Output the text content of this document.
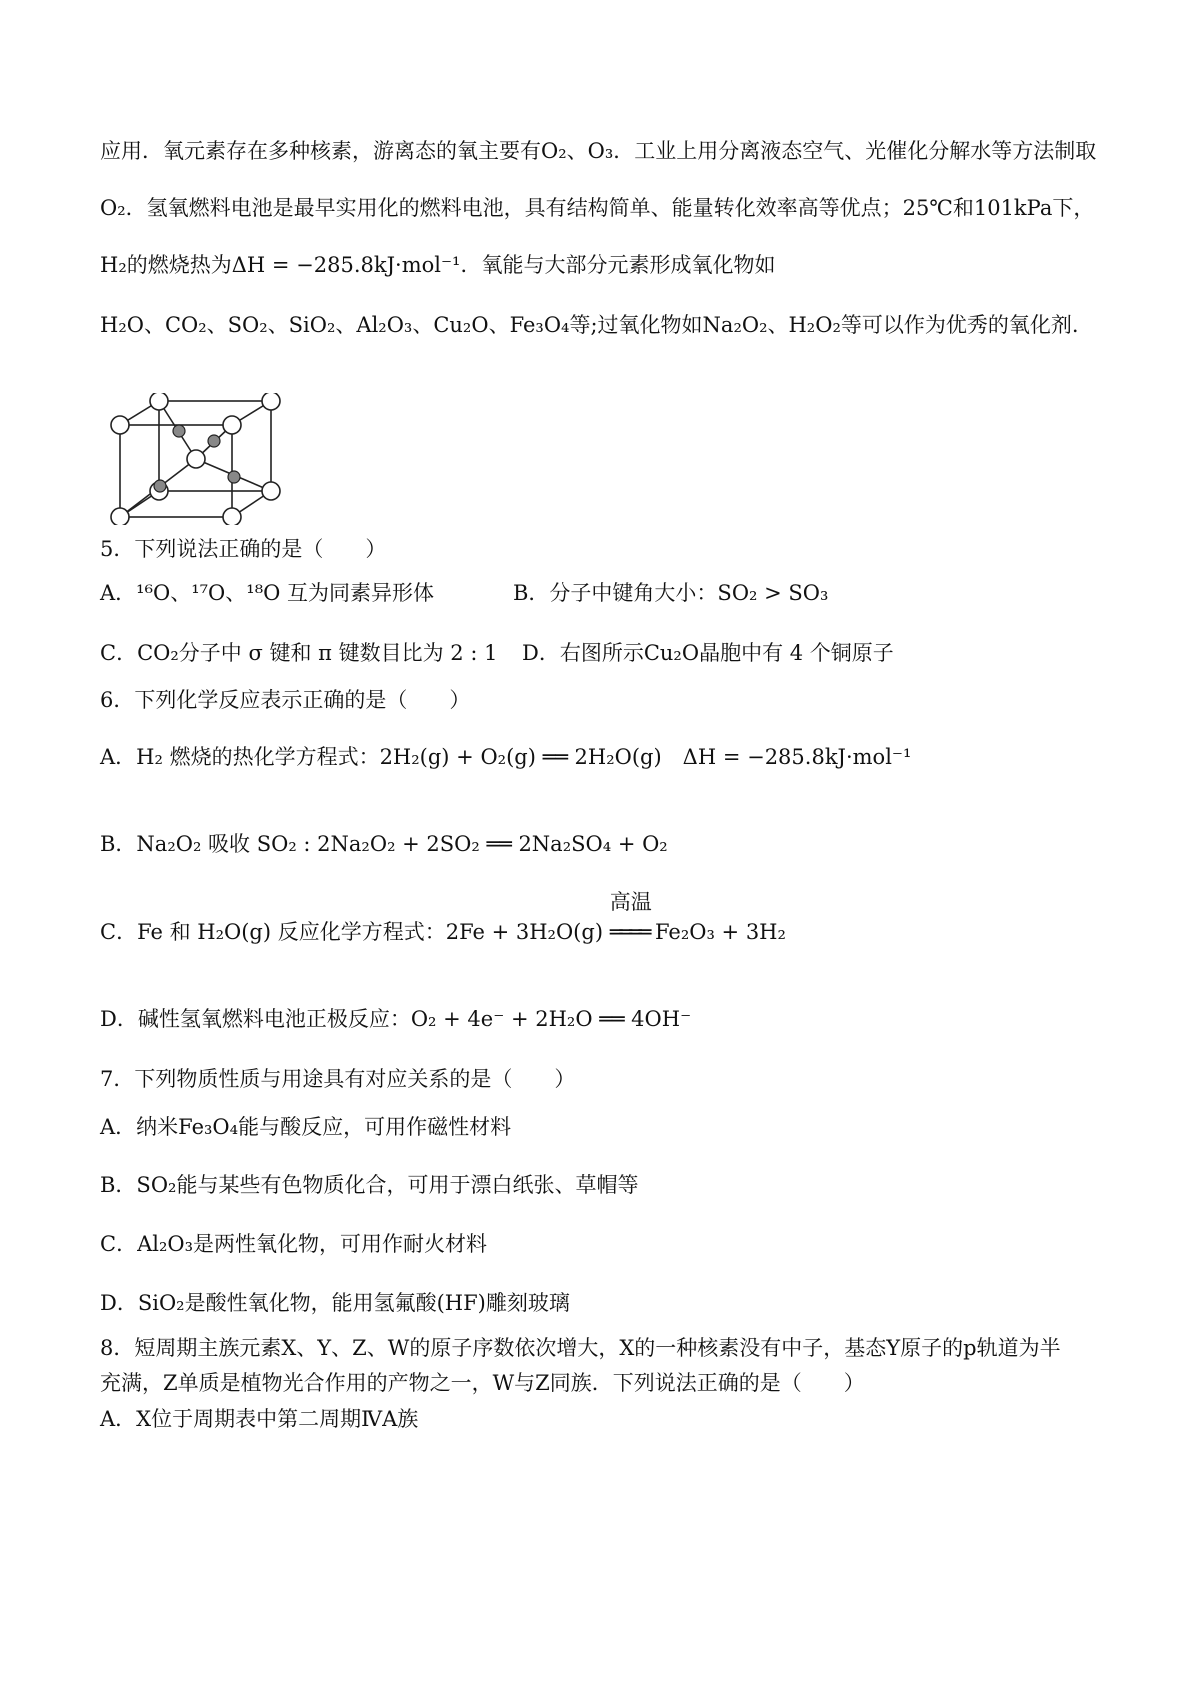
应用．氧元素存在多种核素，游离态的氧主要有O₂、O₃．工业上用分离液态空气、光催化分解水等方法制取
O₂．氢氧燃料电池是最早实用化的燃料电池，具有结构简单、能量转化效率高等优点；25℃和101kPa下，
H₂的燃烧热为ΔH = −285.8kJ·mol⁻¹．氧能与大部分元素形成氧化物如
H₂O、CO₂、SO₂、SiO₂、Al₂O₃、Cu₂O、Fe₃O₄等;过氧化物如Na₂O₂、H₂O₂等可以作为优秀的氧化剂.
5．下列说法正确的是（　　）
A．¹⁶O、¹⁷O、¹⁸O 互为同素异形体	B．分子中键角大小：SO₂ > SO₃
C．CO₂分子中 σ 键和 π 键数目比为 2 : 1 D．右图所示Cu₂O晶胞中有 4 个铜原子
6．下列化学反应表示正确的是（　　）
A．H₂ 燃烧的热化学方程式：2H₂(g) + O₂(g) ══ 2H₂O(g)　ΔH = −285.8kJ·mol⁻¹
B．Na₂O₂ 吸收 SO₂ : 2Na₂O₂ + 2SO₂ ══ 2Na₂SO₄ + O₂
C．Fe 和 H₂O(g) 反应化学方程式：2Fe + 3H₂O(g)
高温
════ Fe₂O₃ + 3H₂
D．碱性氢氧燃料电池正极反应：O₂ + 4e⁻ + 2H₂O ══ 4OH⁻
7．下列物质性质与用途具有对应关系的是（　　）
A．纳米Fe₃O₄能与酸反应，可用作磁性材料
B．SO₂能与某些有色物质化合，可用于漂白纸张、草帽等
C．Al₂O₃是两性氧化物，可用作耐火材料
D．SiO₂是酸性氧化物，能用氢氟酸(HF)雕刻玻璃
8．短周期主族元素X、Y、Z、W的原子序数依次增大，X的一种核素没有中子，基态Y原子的p轨道为半
充满，Z单质是植物光合作用的产物之一，W与Z同族．下列说法正确的是（　　）
A．X位于周期表中第二周期ⅣA族
